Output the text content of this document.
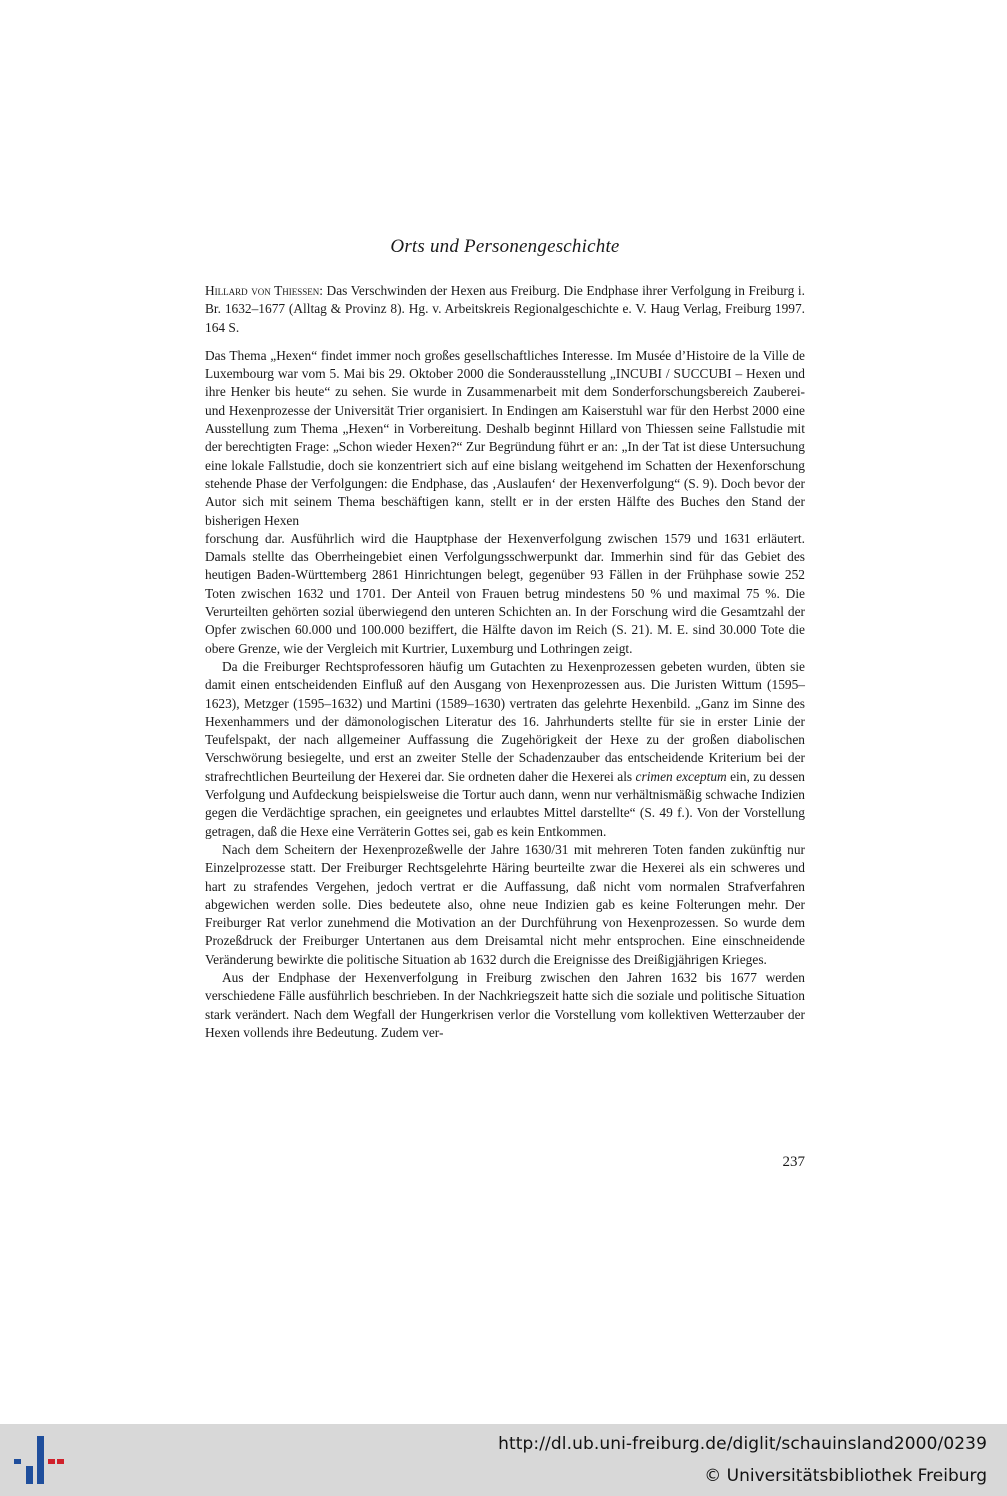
Orts und Personengeschichte

Hillard von Thiessen: Das Verschwinden der Hexen aus Freiburg. Die Endphase ihrer Verfolgung in Freiburg i. Br. 1632–1677 (Alltag & Provinz 8). Hg. v. Arbeitskreis Regionalgeschichte e. V. Haug Verlag, Freiburg 1997. 164 S.

Das Thema „Hexen“ findet immer noch großes gesellschaftliches Interesse. Im Musée d’Histoire de la Ville de Luxembourg war vom 5. Mai bis 29. Oktober 2000 die Sonderausstellung „INCUBI / SUCCUBI – Hexen und ihre Henker bis heute“ zu sehen. Sie wurde in Zusammenarbeit mit dem Sonderforschungsbereich Zauberei- und Hexenprozesse der Universität Trier organisiert. In Endingen am Kaiserstuhl war für den Herbst 2000 eine Ausstellung zum Thema „Hexen“ in Vorbereitung. Deshalb beginnt Hillard von Thiessen seine Fallstudie mit der berechtigten Frage: „Schon wieder Hexen?“ Zur Begründung führt er an: „In der Tat ist diese Untersuchung eine lokale Fallstudie, doch sie konzentriert sich auf eine bislang weitgehend im Schatten der Hexenforschung stehende Phase der Verfolgungen: die Endphase, das ‚Auslaufen‘ der Hexenverfolgung“ (S. 9). Doch bevor der Autor sich mit seinem Thema beschäftigen kann, stellt er in der ersten Hälfte des Buches den Stand der bisherigen Hexen
forschung dar. Ausführlich wird die Hauptphase der Hexenverfolgung zwischen 1579 und 1631 erläutert. Damals stellte das Oberrheingebiet einen Verfolgungsschwerpunkt dar. Immerhin sind für das Gebiet des heutigen Baden-Württemberg 2861 Hinrichtungen belegt, gegenüber 93 Fällen in der Frühphase sowie 252 Toten zwischen 1632 und 1701. Der Anteil von Frauen betrug mindestens 50 % und maximal 75 %. Die Verurteilten gehörten sozial überwiegend den unteren Schichten an. In der Forschung wird die Gesamtzahl der Opfer zwischen 60.000 und 100.000 beziffert, die Hälfte davon im Reich (S. 21). M. E. sind 30.000 Tote die obere Grenze, wie der Vergleich mit Kurtrier, Luxemburg und Lothringen zeigt.

Da die Freiburger Rechtsprofessoren häufig um Gutachten zu Hexenprozessen gebeten wurden, übten sie damit einen entscheidenden Einfluß auf den Ausgang von Hexenprozessen aus. Die Juristen Wittum (1595–1623), Metzger (1595–1632) und Martini (1589–1630) vertraten das gelehrte Hexenbild. „Ganz im Sinne des Hexenhammers und der dämonologischen Literatur des 16. Jahrhunderts stellte für sie in erster Linie der Teufelspakt, der nach allgemeiner Auffassung die Zugehörigkeit der Hexe zu der großen diabolischen Verschwörung besiegelte, und erst an zweiter Stelle der Schadenzauber das entscheidende Kriterium bei der strafrechtlichen Beurteilung der Hexerei dar. Sie ordneten daher die Hexerei als crimen exceptum ein, zu dessen Verfolgung und Aufdeckung beispielsweise die Tortur auch dann, wenn nur verhältnismäßig schwache Indizien gegen die Verdächtige sprachen, ein geeignetes und erlaubtes Mittel darstellte“ (S. 49 f.). Von der Vorstellung getragen, daß die Hexe eine Verräterin Gottes sei, gab es kein Entkommen.

Nach dem Scheitern der Hexenprozeßwelle der Jahre 1630/31 mit mehreren Toten fanden zukünftig nur Einzelprozesse statt. Der Freiburger Rechtsgelehrte Häring beurteilte zwar die Hexerei als ein schweres und hart zu strafendes Vergehen, jedoch vertrat er die Auffassung, daß nicht vom normalen Strafverfahren abgewichen werden solle. Dies bedeutete also, ohne neue Indizien gab es keine Folterungen mehr. Der Freiburger Rat verlor zunehmend die Motivation an der Durchführung von Hexenprozessen. So wurde dem Prozeßdruck der Freiburger Untertanen aus dem Dreisamtal nicht mehr entsprochen. Eine einschneidende Veränderung bewirkte die politische Situation ab 1632 durch die Ereignisse des Dreißigjährigen Krieges.

Aus der Endphase der Hexenverfolgung in Freiburg zwischen den Jahren 1632 bis 1677 werden verschiedene Fälle ausführlich beschrieben. In der Nachkriegszeit hatte sich die soziale und politische Situation stark verändert. Nach dem Wegfall der Hungerkrisen verlor die Vorstellung vom kollektiven Wetterzauber der Hexen vollends ihre Bedeutung. Zudem ver-

237
http://dl.ub.uni-freiburg.de/diglit/schauinsland2000/0239
© Universitätsbibliothek Freiburg
